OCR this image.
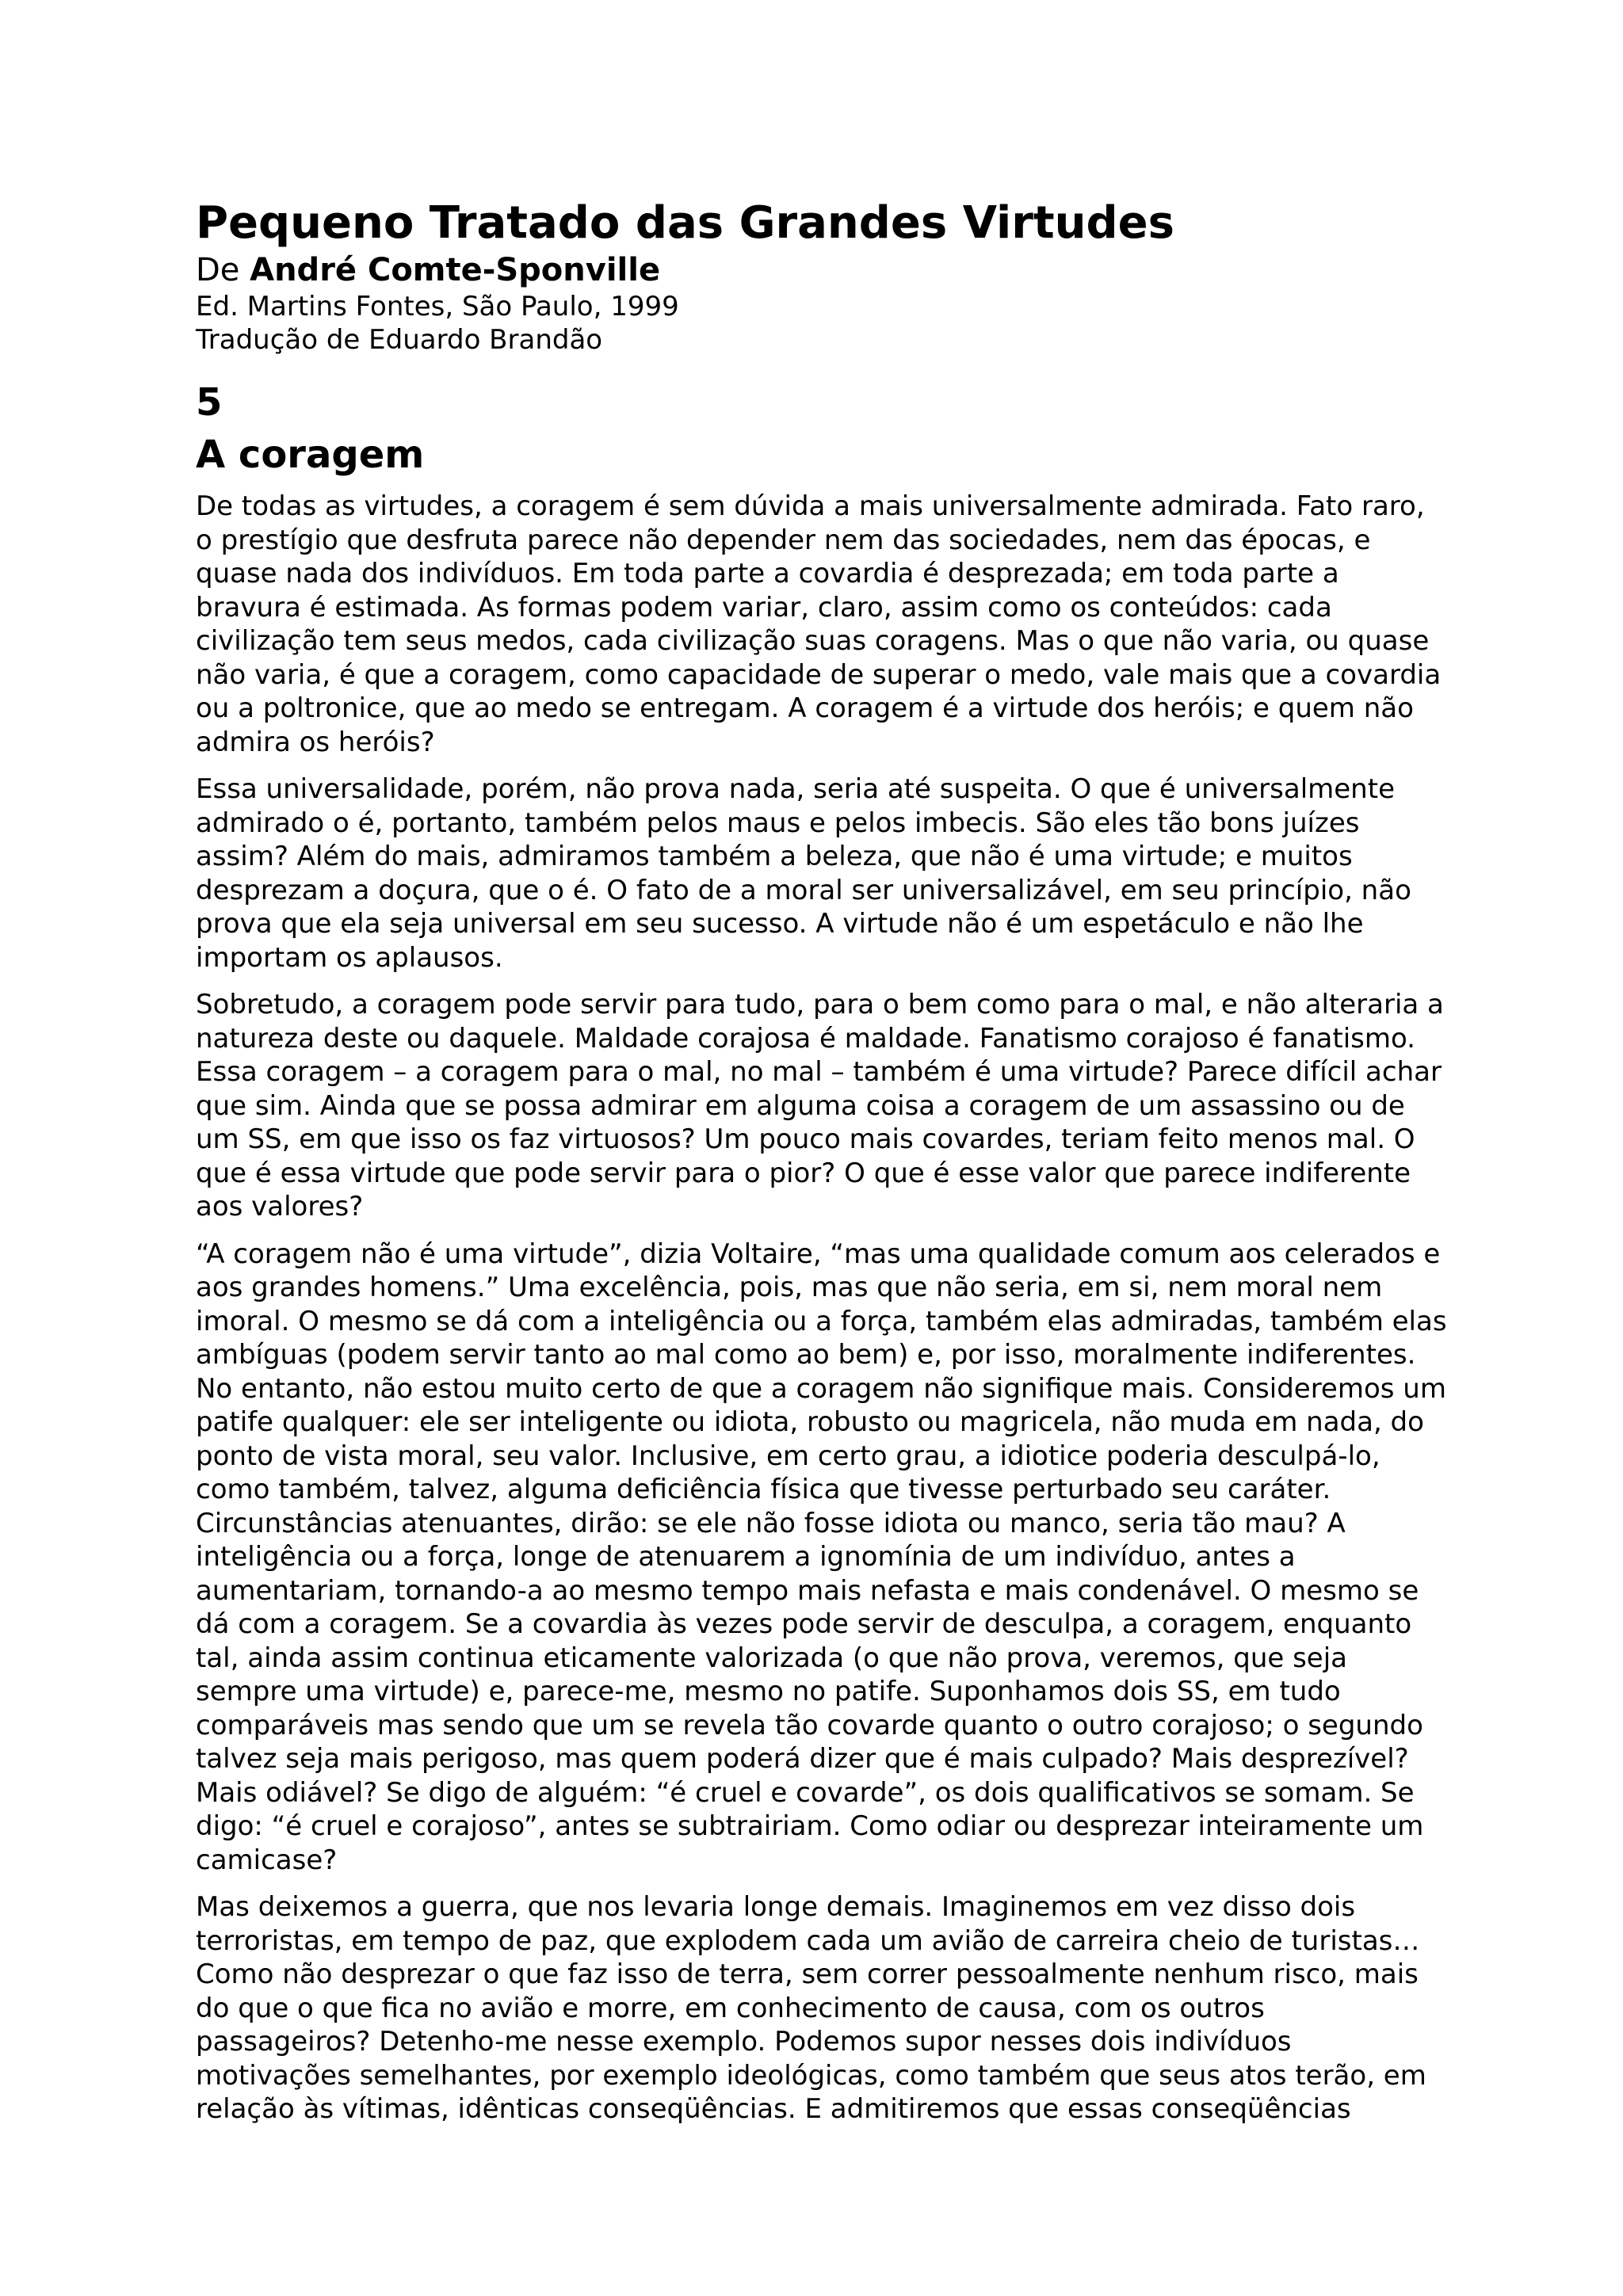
Pequeno Tratado das Grandes Virtudes

De André Comte-Sponville

Ed. Martins Fontes, São Paulo, 1999

Tradução de Eduardo Brandão

5
A coragem

De todas as virtudes, a coragem é sem dúvida a mais universalmente admirada. Fato raro, o prestígio que desfruta parece não depender nem das sociedades, nem das épocas, e quase nada dos indivíduos. Em toda parte a covardia é desprezada; em toda parte a bravura é estimada. As formas podem variar, claro, assim como os conteúdos: cada civilização tem seus medos, cada civilização suas coragens. Mas o que não varia, ou quase não varia, é que a coragem, como capacidade de superar o medo, vale mais que a covardia ou a poltronice, que ao medo se entregam. A coragem é a virtude dos heróis; e quem não admira os heróis?

Essa universalidade, porém, não prova nada, seria até suspeita. O que é universalmente admirado o é, portanto, também pelos maus e pelos imbecis. São eles tão bons juízes assim? Além do mais, admiramos também a beleza, que não é uma virtude; e muitos desprezam a doçura, que o é. O fato de a moral ser universalizável, em seu princípio, não prova que ela seja universal em seu sucesso. A virtude não é um espetáculo e não lhe importam os aplausos.

Sobretudo, a coragem pode servir para tudo, para o bem como para o mal, e não alteraria a natureza deste ou daquele. Maldade corajosa é maldade. Fanatismo corajoso é fanatismo. Essa coragem – a coragem para o mal, no mal – também é uma virtude? Parece difícil achar que sim. Ainda que se possa admirar em alguma coisa a coragem de um assassino ou de um SS, em que isso os faz virtuosos? Um pouco mais covardes, teriam feito menos mal. O que é essa virtude que pode servir para o pior? O que é esse valor que parece indiferente aos valores?

“A coragem não é uma virtude”, dizia Voltaire, “mas uma qualidade comum aos celerados e aos grandes homens.” Uma excelência, pois, mas que não seria, em si, nem moral nem imoral. O mesmo se dá com a inteligência ou a força, também elas admiradas, também elas ambíguas (podem servir tanto ao mal como ao bem) e, por isso, moralmente indiferentes. No entanto, não estou muito certo de que a coragem não signifique mais. Consideremos um patife qualquer: ele ser inteligente ou idiota, robusto ou magricela, não muda em nada, do ponto de vista moral, seu valor. Inclusive, em certo grau, a idiotice poderia desculpá-lo, como também, talvez, alguma deficiência física que tivesse perturbado seu caráter. Circunstâncias atenuantes, dirão: se ele não fosse idiota ou manco, seria tão mau? A inteligência ou a força, longe de atenuarem a ignomínia de um indivíduo, antes a aumentariam, tornando-a ao mesmo tempo mais nefasta e mais condenável. O mesmo se dá com a coragem. Se a covardia às vezes pode servir de desculpa, a coragem, enquanto tal, ainda assim continua eticamente valorizada (o que não prova, veremos, que seja sempre uma virtude) e, parece-me, mesmo no patife. Suponhamos dois SS, em tudo comparáveis mas sendo que um se revela tão covarde quanto o outro corajoso; o segundo talvez seja mais perigoso, mas quem poderá dizer que é mais culpado? Mais desprezível? Mais odiável? Se digo de alguém: “é cruel e covarde”, os dois qualificativos se somam. Se digo: “é cruel e corajoso”, antes se subtrairiam. Como odiar ou desprezar inteiramente um camicase?

Mas deixemos a guerra, que nos levaria longe demais. Imaginemos em vez disso dois terroristas, em tempo de paz, que explodem cada um avião de carreira cheio de turistas… Como não desprezar o que faz isso de terra, sem correr pessoalmente nenhum risco, mais do que o que fica no avião e morre, em conhecimento de causa, com os outros passageiros? Detenho-me nesse exemplo. Podemos supor nesses dois indivíduos motivações semelhantes, por exemplo ideológicas, como também que seus atos terão, em relação às vítimas, idênticas conseqüências. E admitiremos que essas conseqüências
